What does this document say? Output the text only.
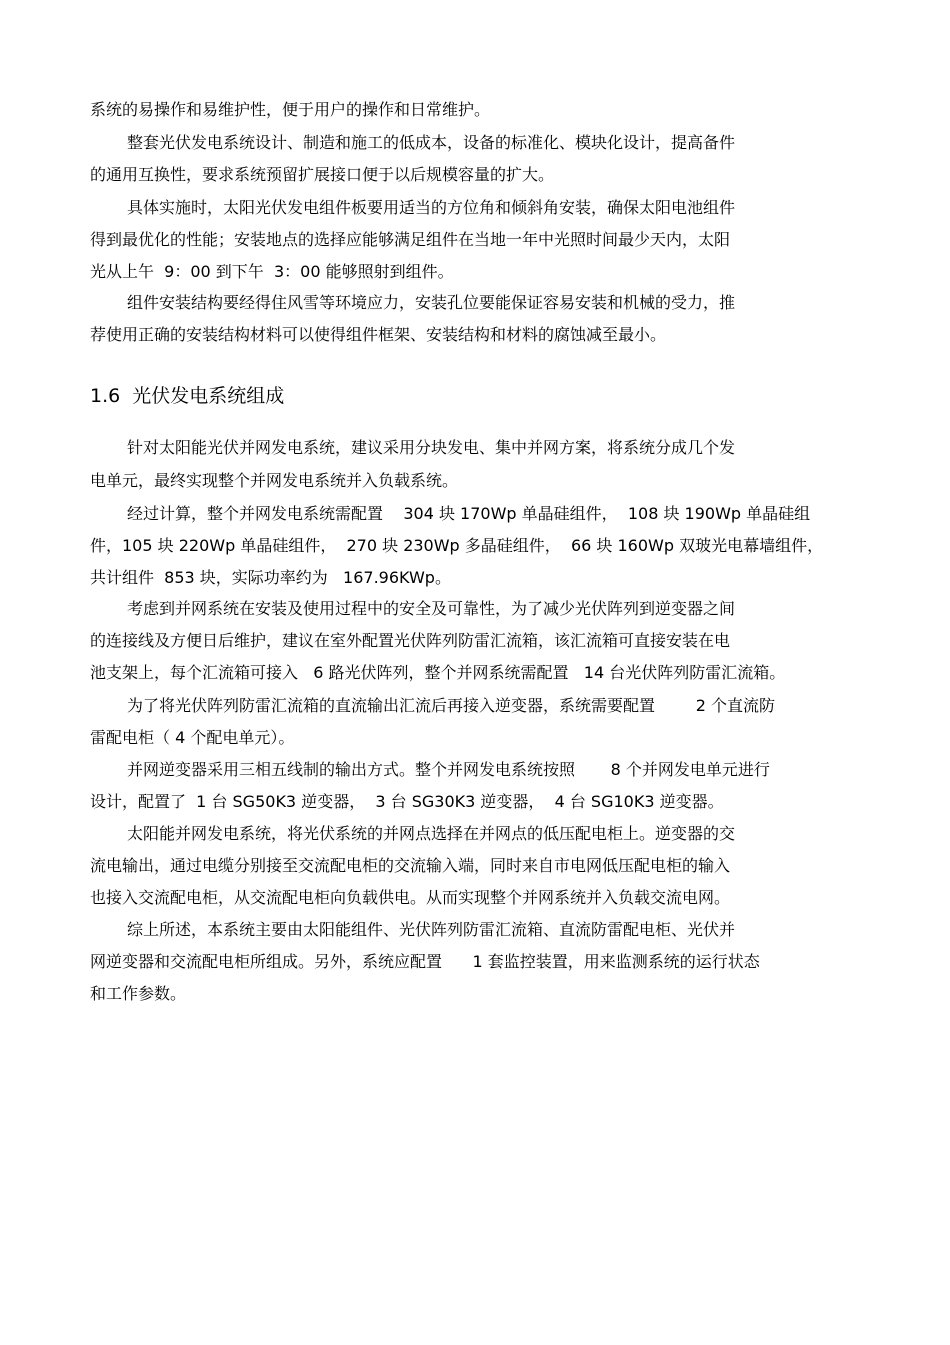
系统的易操作和易维护性，便于用户的操作和日常维护。
整套光伏发电系统设计、制造和施工的低成本，设备的标准化、模块化设计，提高备件
的通用互换性，要求系统预留扩展接口便于以后规模容量的扩大。
具体实施时，太阳光伏发电组件板要用适当的方位角和倾斜角安装，确保太阳电池组件
得到最优化的性能；安装地点的选择应能够满足组件在当地一年中光照时间最少天内，太阳
光从上午  9：00 到下午  3：00 能够照射到组件。
组件安装结构要经得住风雪等环境应力，安装孔位要能保证容易安装和机械的受力，推
荐使用正确的安装结构材料可以使得组件框架、安装结构和材料的腐蚀减至最小。
1.6  光伏发电系统组成
针对太阳能光伏并网发电系统，建议采用分块发电、集中并网方案，将系统分成几个发
电单元，最终实现整个并网发电系统并入负载系统。
经过计算，整个并网发电系统需配置    304 块 170Wp 单晶硅组件，  108 块 190Wp 单晶硅组
件，105 块 220Wp 单晶硅组件，  270 块 230Wp 多晶硅组件，  66 块 160Wp 双玻光电幕墙组件，
共计组件  853 块，实际功率约为   167.96KWp。
考虑到并网系统在安装及使用过程中的安全及可靠性，为了减少光伏阵列到逆变器之间
的连接线及方便日后维护，建议在室外配置光伏阵列防雷汇流箱，该汇流箱可直接安装在电
池支架上，每个汇流箱可接入   6 路光伏阵列，整个并网系统需配置   14 台光伏阵列防雷汇流箱。
为了将光伏阵列防雷汇流箱的直流输出汇流后再接入逆变器，系统需要配置        2 个直流防
雷配电柜（ 4 个配电单元）。
并网逆变器采用三相五线制的输出方式。整个并网发电系统按照       8 个并网发电单元进行
设计，配置了  1 台 SG50K3 逆变器，  3 台 SG30K3 逆变器，  4 台 SG10K3 逆变器。
太阳能并网发电系统，将光伏系统的并网点选择在并网点的低压配电柜上。逆变器的交
流电输出，通过电缆分别接至交流配电柜的交流输入端，同时来自市电网低压配电柜的输入
也接入交流配电柜，从交流配电柜向负载供电。从而实现整个并网系统并入负载交流电网。
综上所述，本系统主要由太阳能组件、光伏阵列防雷汇流箱、直流防雷配电柜、光伏并
网逆变器和交流配电柜所组成。另外，系统应配置      1 套监控装置，用来监测系统的运行状态
和工作参数。
